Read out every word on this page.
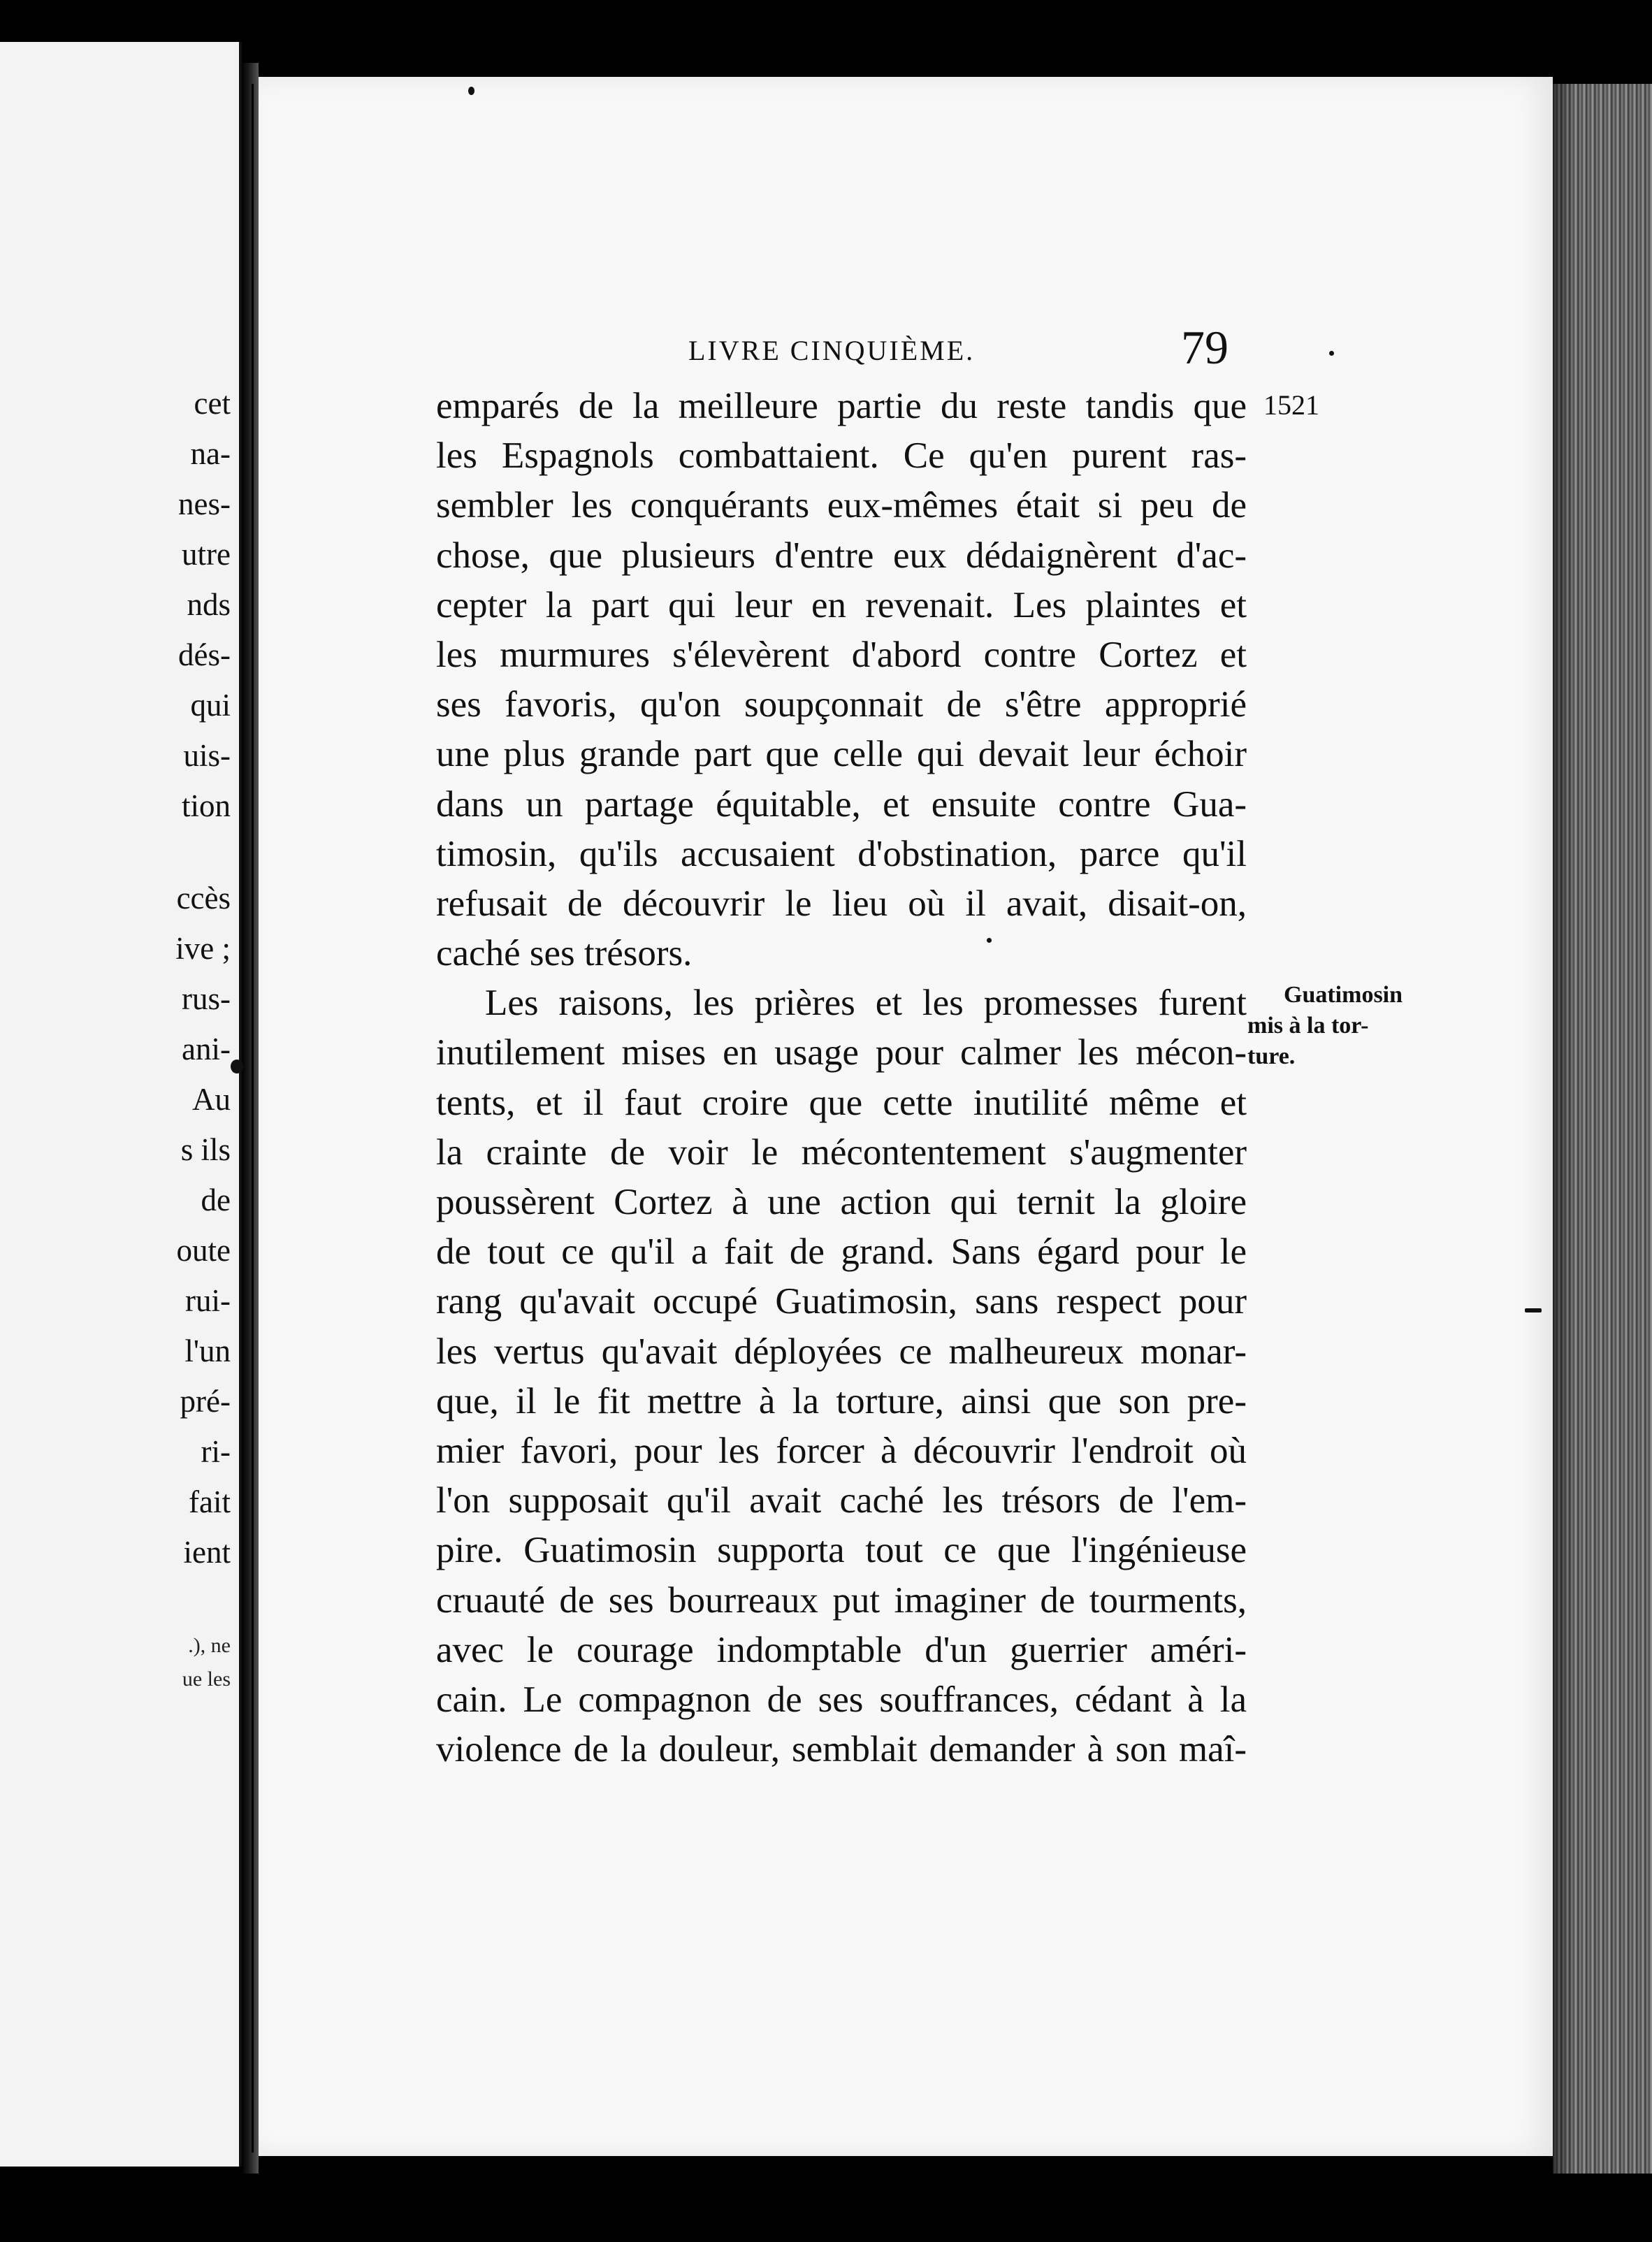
cet
na-
nes-
utre
nds
dés-
qui
uis-
tion
ccès
ive ;
rus-
ani-
Au
s ils
de
oute
rui-
l'un
pré-
ri-
fait
ient
.), ne
ue les
LIVRE CINQUIÈME.	79
1521
Guatimosin
mis à la tor-
ture.
emparés de la meilleure partie du reste tandis que
les Espagnols combattaient. Ce qu'en purent ras-
sembler les conquérants eux-mêmes était si peu de
chose, que plusieurs d'entre eux dédaignèrent d'ac-
cepter la part qui leur en revenait. Les plaintes et
les murmures s'élevèrent d'abord contre Cortez et
ses favoris, qu'on soupçonnait de s'être approprié
une plus grande part que celle qui devait leur échoir
dans un partage équitable, et ensuite contre Gua-
timosin, qu'ils accusaient d'obstination, parce qu'il
refusait de découvrir le lieu où il avait, disait-on,
caché ses trésors.
Les raisons, les prières et les promesses furent
inutilement mises en usage pour calmer les mécon-
tents, et il faut croire que cette inutilité même et
la crainte de voir le mécontentement s'augmenter
poussèrent Cortez à une action qui ternit la gloire
de tout ce qu'il a fait de grand. Sans égard pour le
rang qu'avait occupé Guatimosin, sans respect pour
les vertus qu'avait déployées ce malheureux monar-
que, il le fit mettre à la torture, ainsi que son pre-
mier favori, pour les forcer à découvrir l'endroit où
l'on supposait qu'il avait caché les trésors de l'em-
pire. Guatimosin supporta tout ce que l'ingénieuse
cruauté de ses bourreaux put imaginer de tourments,
avec le courage indomptable d'un guerrier améri-
cain. Le compagnon de ses souffrances, cédant à la
violence de la douleur, semblait demander à son maî-
